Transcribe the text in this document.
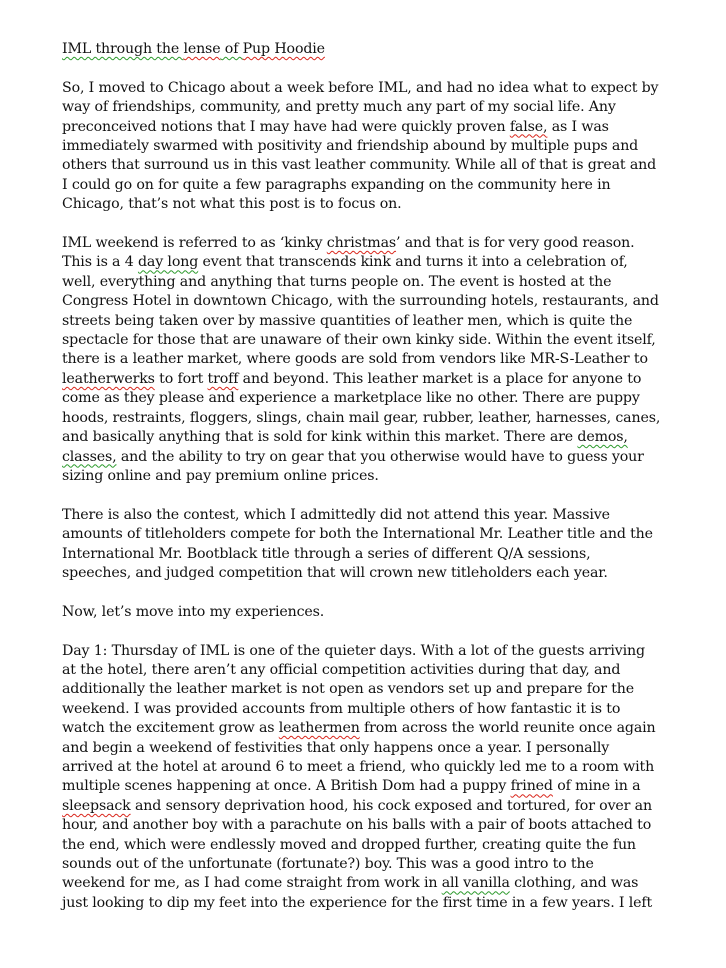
IML through the lense of Pup Hoodie

So, I moved to Chicago about a week before IML, and had no idea what to expect by
way of friendships, community, and pretty much any part of my social life. Any
preconceived notions that I may have had were quickly proven false, as I was
immediately swarmed with positivity and friendship abound by multiple pups and
others that surround us in this vast leather community. While all of that is great and
I could go on for quite a few paragraphs expanding on the community here in
Chicago, that’s not what this post is to focus on.

IML weekend is referred to as ‘kinky christmas’ and that is for very good reason.
This is a 4 day long event that transcends kink and turns it into a celebration of,
well, everything and anything that turns people on. The event is hosted at the
Congress Hotel in downtown Chicago, with the surrounding hotels, restaurants, and
streets being taken over by massive quantities of leather men, which is quite the
spectacle for those that are unaware of their own kinky side. Within the event itself,
there is a leather market, where goods are sold from vendors like MR-S-Leather to
leatherwerks to fort troff and beyond. This leather market is a place for anyone to
come as they please and experience a marketplace like no other. There are puppy
hoods, restraints, floggers, slings, chain mail gear, rubber, leather, harnesses, canes,
and basically anything that is sold for kink within this market. There are demos,
classes, and the ability to try on gear that you otherwise would have to guess your
sizing online and pay premium online prices.

There is also the contest, which I admittedly did not attend this year. Massive
amounts of titleholders compete for both the International Mr. Leather title and the
International Mr. Bootblack title through a series of different Q/A sessions,
speeches, and judged competition that will crown new titleholders each year.

Now, let’s move into my experiences.

Day 1: Thursday of IML is one of the quieter days. With a lot of the guests arriving
at the hotel, there aren’t any official competition activities during that day, and
additionally the leather market is not open as vendors set up and prepare for the
weekend. I was provided accounts from multiple others of how fantastic it is to
watch the excitement grow as leathermen from across the world reunite once again
and begin a weekend of festivities that only happens once a year. I personally
arrived at the hotel at around 6 to meet a friend, who quickly led me to a room with
multiple scenes happening at once. A British Dom had a puppy frined of mine in a
sleepsack and sensory deprivation hood, his cock exposed and tortured, for over an
hour, and another boy with a parachute on his balls with a pair of boots attached to
the end, which were endlessly moved and dropped further, creating quite the fun
sounds out of the unfortunate (fortunate?) boy. This was a good intro to the
weekend for me, as I had come straight from work in all vanilla clothing, and was
just looking to dip my feet into the experience for the first time in a few years. I left
